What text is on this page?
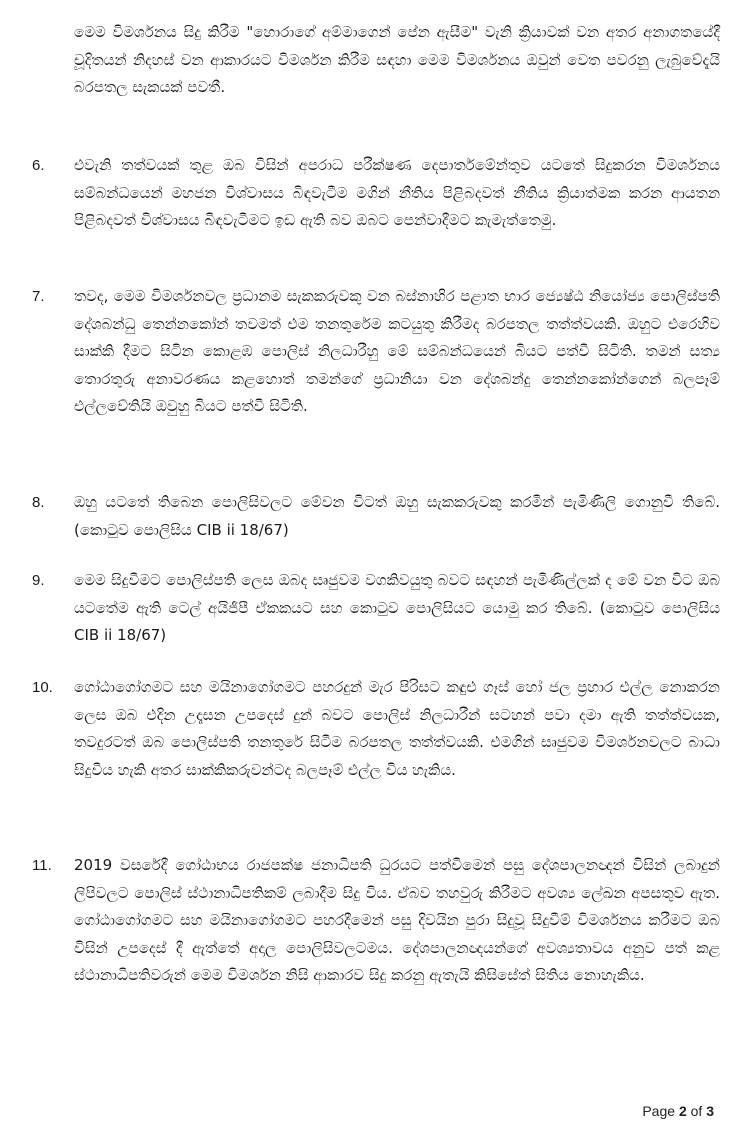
මෙම විමර්ශනය සිදු කිරීම "හොරාගේ අම්මාගෙන් පේන ඇසීම" වැනි ක්‍රියාවක් වන අතර අනාගතයේදී චූදිතයන් නිදහස් වන ආකාරයට විමර්ශන කිරීම සඳහා මෙම විමර්ශනය ඔවුන් වෙත පවරනු ලැබුවේදැයි බරපතල සැකයක් පවතී.
6.	එවැනි තත්වයක් තුළ ඔබ විසින් අපරාධ පරීක්ෂණ දෙපාර්තමේන්තුව යටතේ සිදුකරන විමර්ශනය සම්බන්ධයෙන් මහජන විශ්වාසය බිඳවැටීම මගින් නීතිය පිළිබදවත් නීතිය ක්‍රියාත්මක කරන ආයතන පිළිබදවත් විශ්වාසය බිඳවැටීමට ඉඩ ඇති බව ඔබට පෙන්වාදීමට කැමැත්තෙමු.
7.	තවද, මෙම විමර්ශනවල ප්‍රධානම සැකකරුවකු වන බස්නාහිර පළාත භාර ජ්‍යෙෂ්ඨ නියෝජ්‍ය පොලිස්පති දේශබන්ධු තෙන්නකෝන් තවමත් එම තනතුරේම කටයුතු කිරීමද බරපතල තත්ත්වයකි. ඔහුට එරෙහිව සාක්කි දීමට සිටින කොළඹ පොලිස් නිලධාරීහු මේ සම්බන්ධයෙන් බියට පත්වී සිටිති. තමන් සත්‍ය තොරතුරු අනාවරණය කළහොත් තමන්ගේ ප්‍රධානියා වන දේශබන්දු තෙන්නකෝන්ගෙන් බලපෑම් එල්ලවේතියි ඔවුහු බියට පත්වී සිටිති.
8.	ඔහු යටතේ තිබෙන පොලිසිවලට මේවන විටත් ඔහු සැකකරුවකු කරමින් පැමිණිලි ගොනුවී තිබේ. (කොටුව පොලිසිය CIB ii 18/67)
9.	මෙම සිදුවීමට පොලිස්පති ලෙස ඔබද සෘජුවම වගකිවයුතු බවට සඳහන් පැමිණිල්ලක් ද මේ වන විට ඔබ යටතේම ඇති ටෙල් අයිජීපී ඒකකයට සහ කොටුව පොලිසියට යොමු කර තිබේ. (කොටුව පොලිසිය CIB ii 18/67)
10.	ගෝඨාගෝගමට සහ මයිනාගෝගමට පහරදුන් මැර පිරිසට කඳුළු ගෑස් හෝ ජල ප්‍රහාර එල්ල නොකරන ලෙස ඔබ එදින උදෑසන උපදෙස් දුන් බවට පොලිස් නිලධාරීන් සටහන් පවා දමා ඇති තත්ත්වයක, තවදුරටත් ඔබ පොලිස්පති තනතුරේ සිටීම බරපතල තත්ත්වයකි. එමගින් සෘජුවම විමර්ශනවලට බාධා සිදුවිය හැකි අතර සාක්කිකරුවන්ටද බලපෑම් එල්ල විය හැකිය.
11.	2019 වසරේදී ගෝඨාභය රාජපක්ෂ ජනාධිපති ධුරයට පත්වීමෙන් පසු දේශපාලනඥන් විසින් ලබාදුන් ලිපිවලට පොලිස් ස්ථානාධිපතිකම් ලබාදීම සිදු විය. ඒබව තහවුරු කිරීමට අවශ්‍ය ලේඛන අපසතුව ඇත. ගෝඨාගෝගමට සහ මයිනාගෝගමට පහරදීමෙන් පසු දිවයින පුරා සිදුවූ සිදුවීම් විමර්ශනය කරීමට ඔබ විසින් උපදෙස් දී ඇත්තේ අදාල පොලිසිවලටමය. දේශපාලනඥයන්ගේ අවශ්‍යතාවය අනුව පත් කළ ස්ථානාධිපතිවරුන් මෙම විමර්ශන නිසි ආකාරව සිදු කරනු ඇතැයි කිසිසේත් සිතිය නොහැකිය.
Page 2 of 3
